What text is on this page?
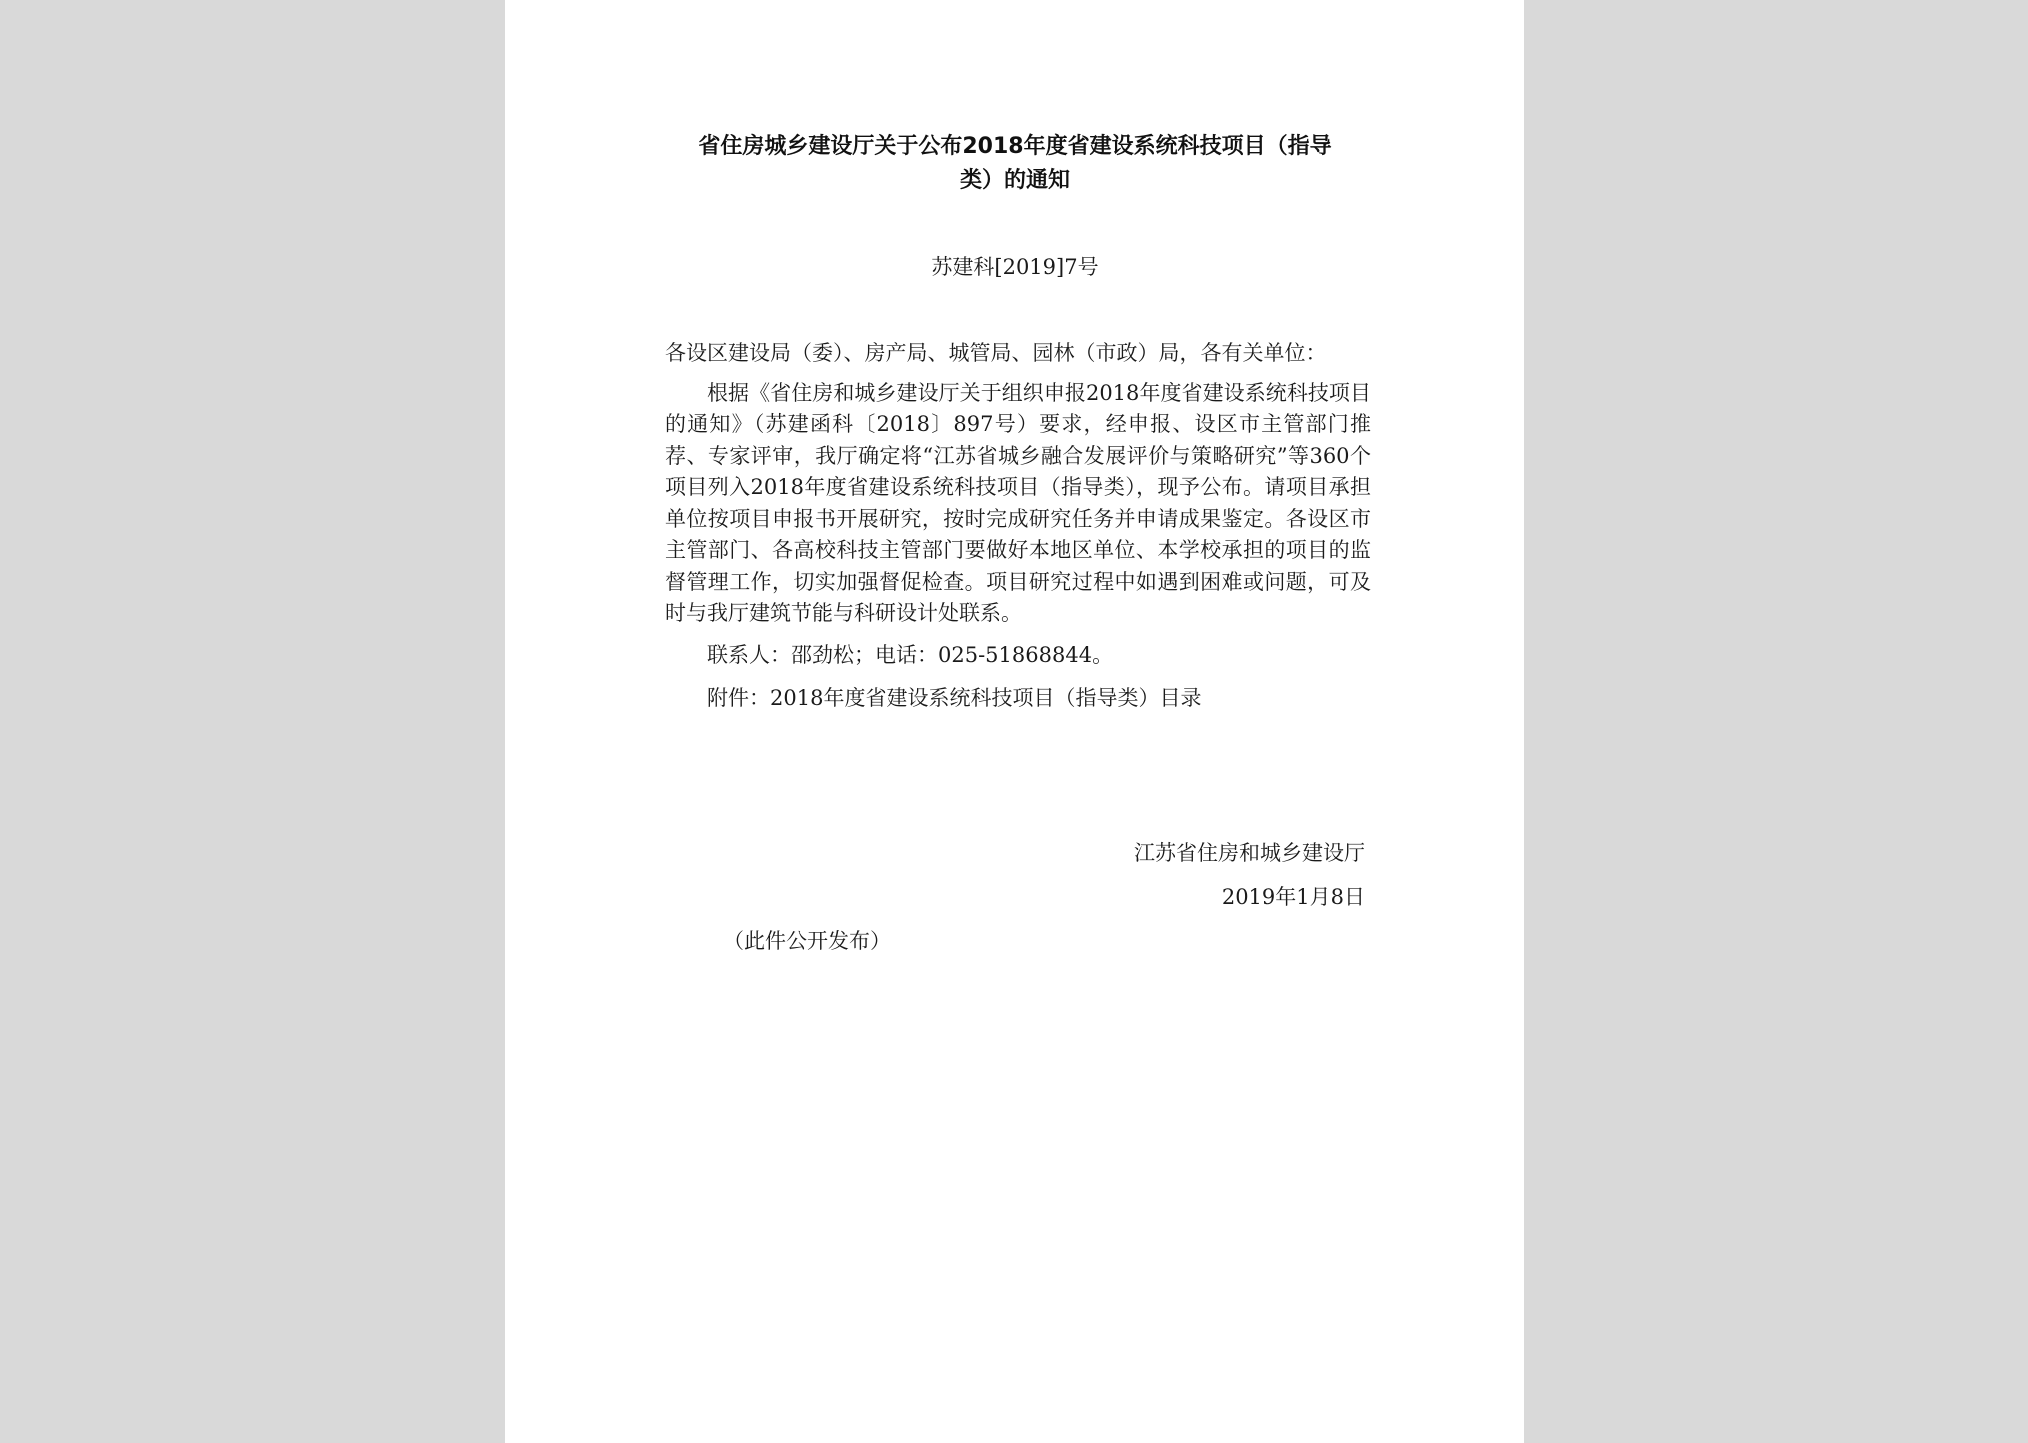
省住房城乡建设厅关于公布2018年度省建设系统科技项目（指导
类）的通知
苏建科[2019]7号

各设区建设局（委）、房产局、城管局、园林（市政）局，各有关单位：

根据《省住房和城乡建设厅关于组织申报2018年度省建设系统科技项目的通知》（苏建函科〔2018〕897号）要求，经申报、设区市主管部门推荐、专家评审，我厅确定将“江苏省城乡融合发展评价与策略研究”等360个项目列入2018年度省建设系统科技项目（指导类），现予公布。请项目承担单位按项目申报书开展研究，按时完成研究任务并申请成果鉴定。各设区市主管部门、各高校科技主管部门要做好本地区单位、本学校承担的项目的监督管理工作，切实加强督促检查。项目研究过程中如遇到困难或问题，可及时与我厅建筑节能与科研设计处联系。

联系人：邵劲松；电话：025-51868844。

附件：2018年度省建设系统科技项目（指导类）目录

江苏省住房和城乡建设厅
2019年1月8日
（此件公开发布）
